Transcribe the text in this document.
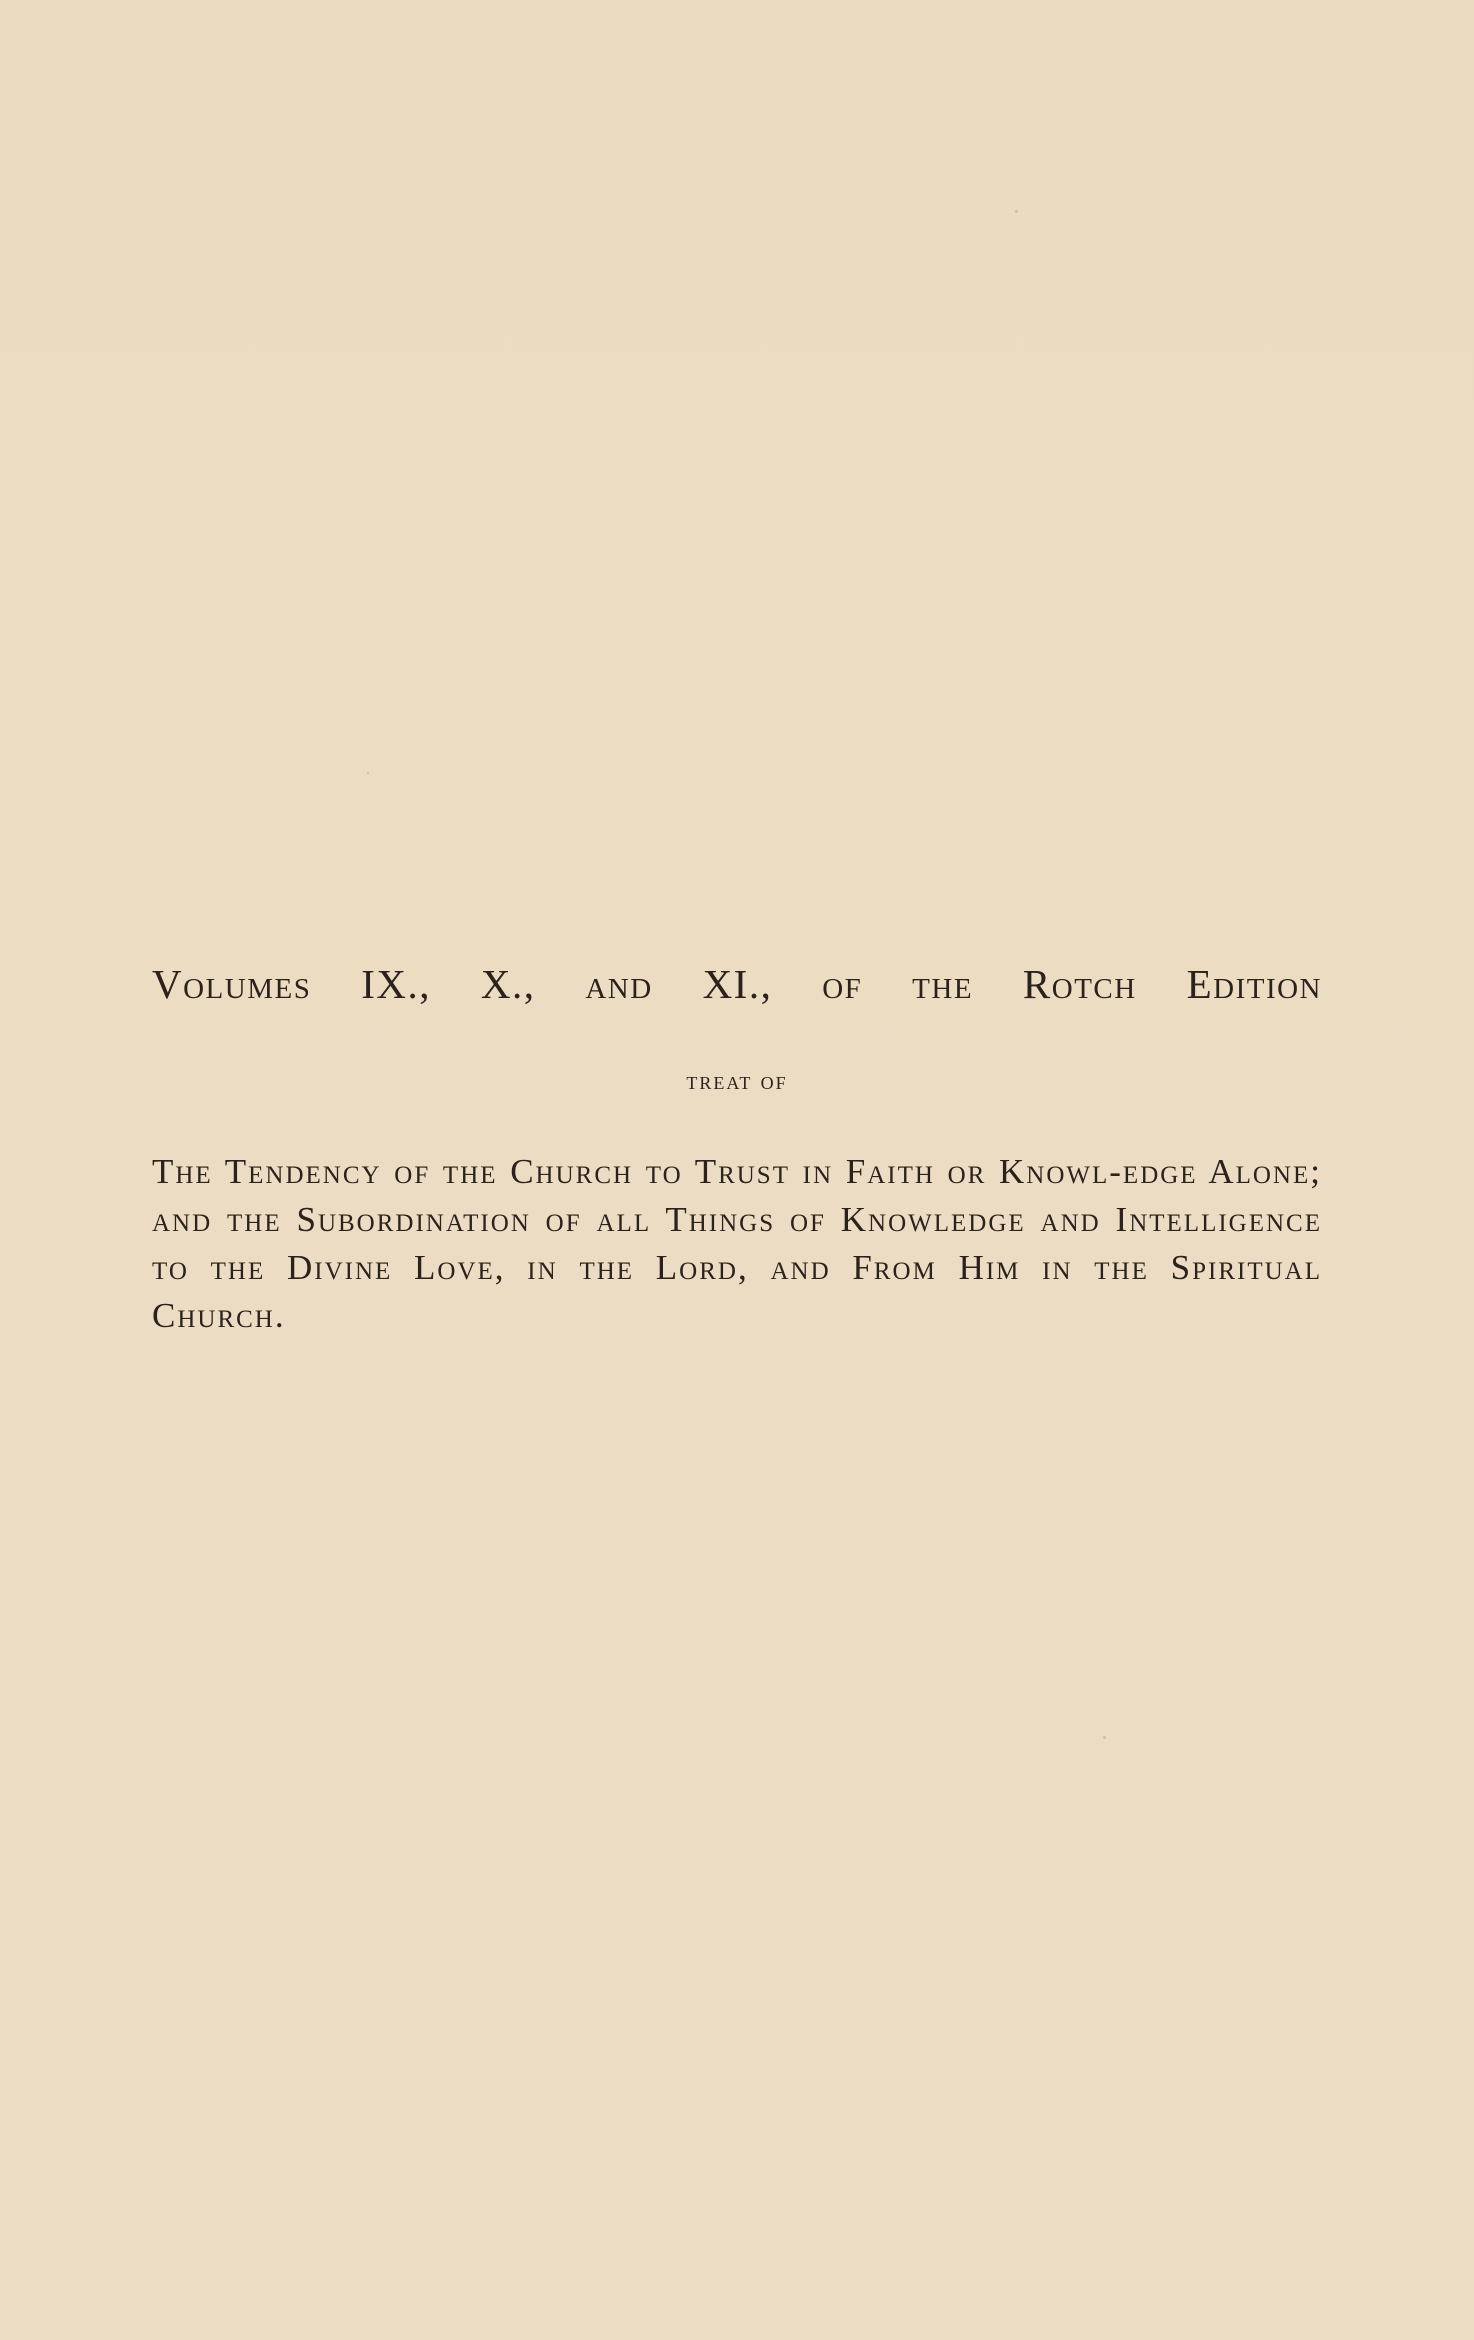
Volumes IX., X., and XI., of the Rotch Edition

treat of

The Tendency of the Church to Trust in Faith or Knowl-edge Alone; and the Subordination of all Things of Knowledge and Intelligence to the Divine Love, in the Lord, and From Him in the Spiritual Church.
